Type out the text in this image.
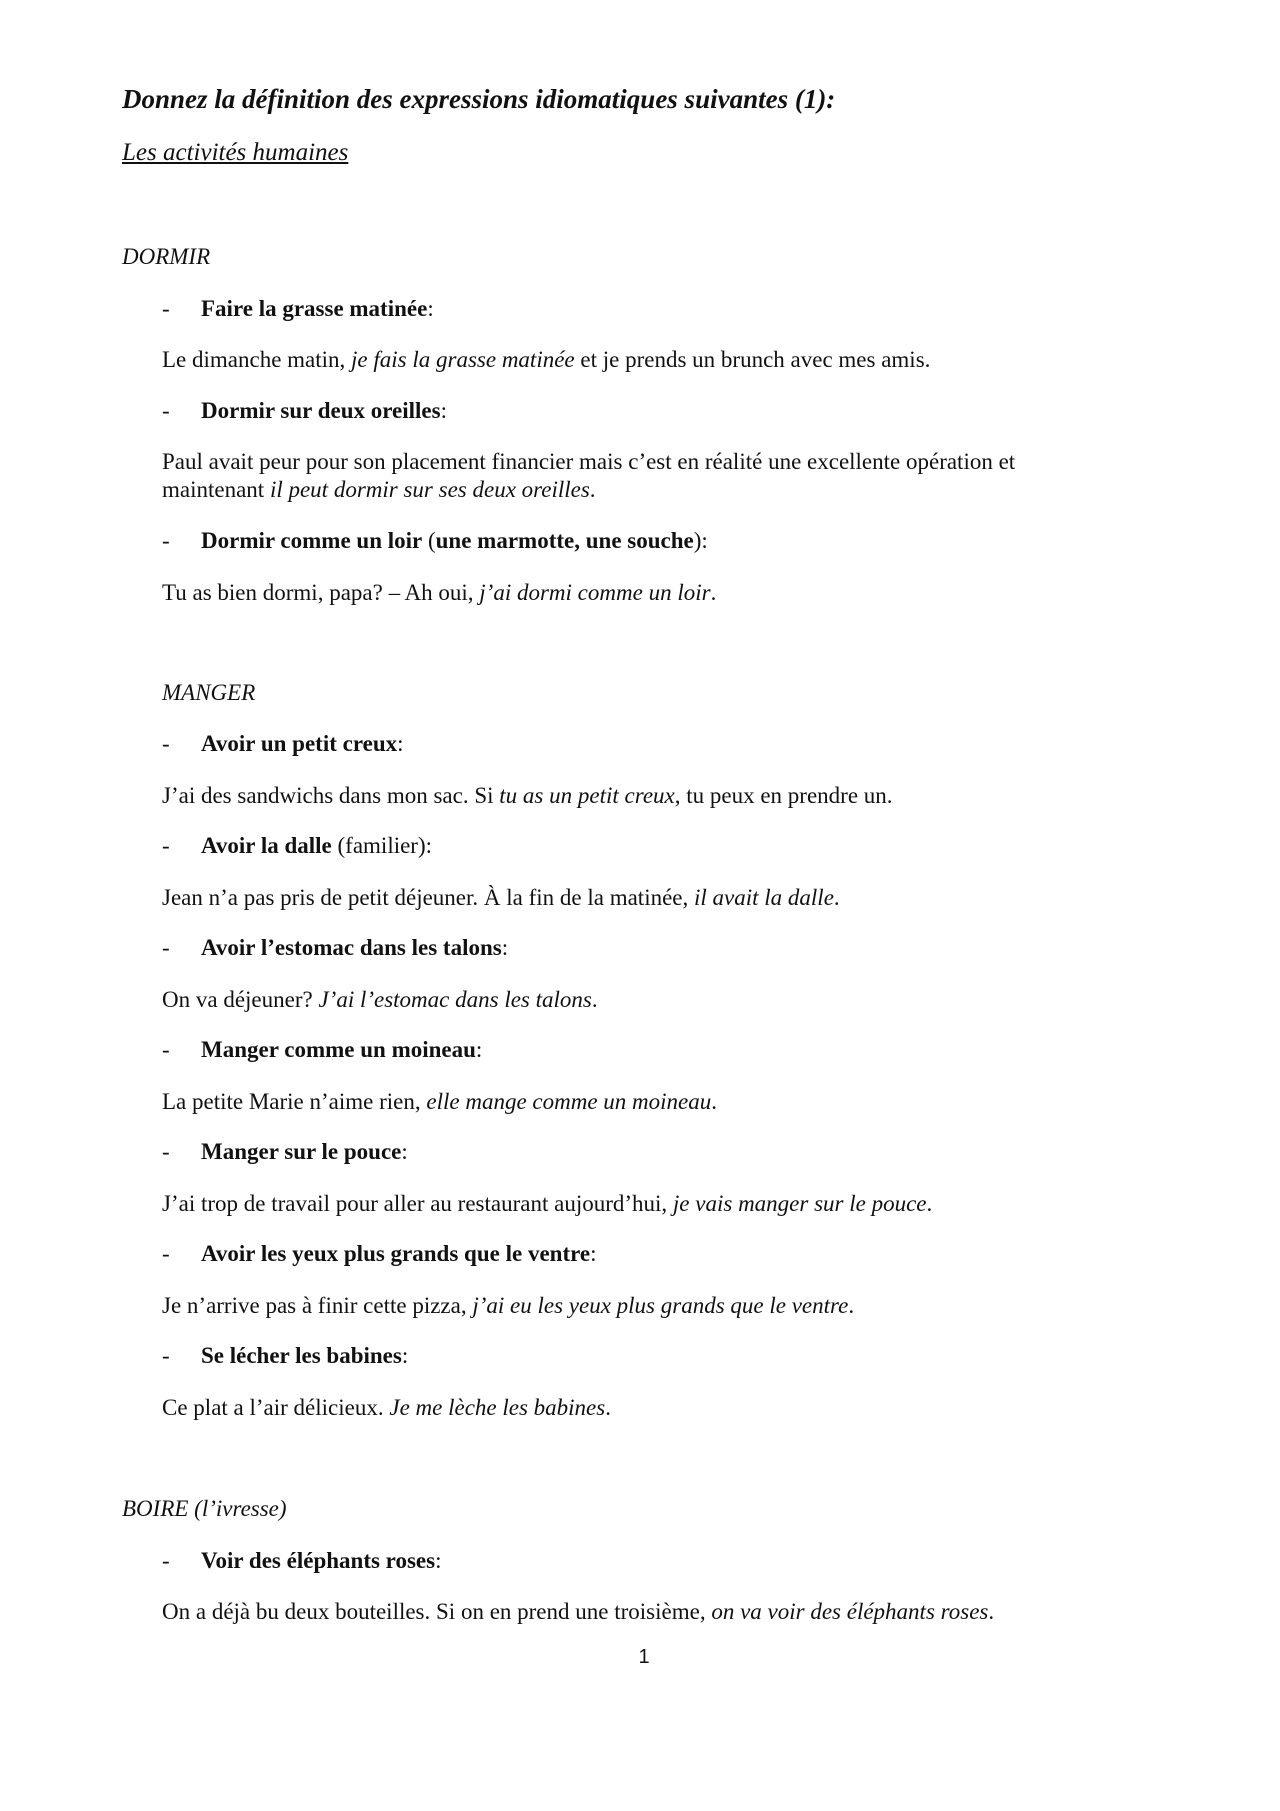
Donnez la définition des expressions idiomatiques suivantes (1):
Les activités humaines
DORMIR
- Faire la grasse matinée:
Le dimanche matin, je fais la grasse matinée et je prends un brunch avec mes amis.
- Dormir sur deux oreilles:
Paul avait peur pour son placement financier mais c’est en réalité une excellente opération et
maintenant il peut dormir sur ses deux oreilles.
- Dormir comme un loir (une marmotte, une souche):
Tu as bien dormi, papa? – Ah oui, j’ai dormi comme un loir.
MANGER
- Avoir un petit creux:
J’ai des sandwichs dans mon sac. Si tu as un petit creux, tu peux en prendre un.
- Avoir la dalle (familier):
Jean n’a pas pris de petit déjeuner. À la fin de la matinée, il avait la dalle.
- Avoir l’estomac dans les talons:
On va déjeuner? J’ai l’estomac dans les talons.
- Manger comme un moineau:
La petite Marie n’aime rien, elle mange comme un moineau.
- Manger sur le pouce:
J’ai trop de travail pour aller au restaurant aujourd’hui, je vais manger sur le pouce.
- Avoir les yeux plus grands que le ventre:
Je n’arrive pas à finir cette pizza, j’ai eu les yeux plus grands que le ventre.
- Se lécher les babines:
Ce plat a l’air délicieux. Je me lèche les babines.
BOIRE (l’ivresse)
- Voir des éléphants roses:
On a déjà bu deux bouteilles. Si on en prend une troisième, on va voir des éléphants roses.
1
